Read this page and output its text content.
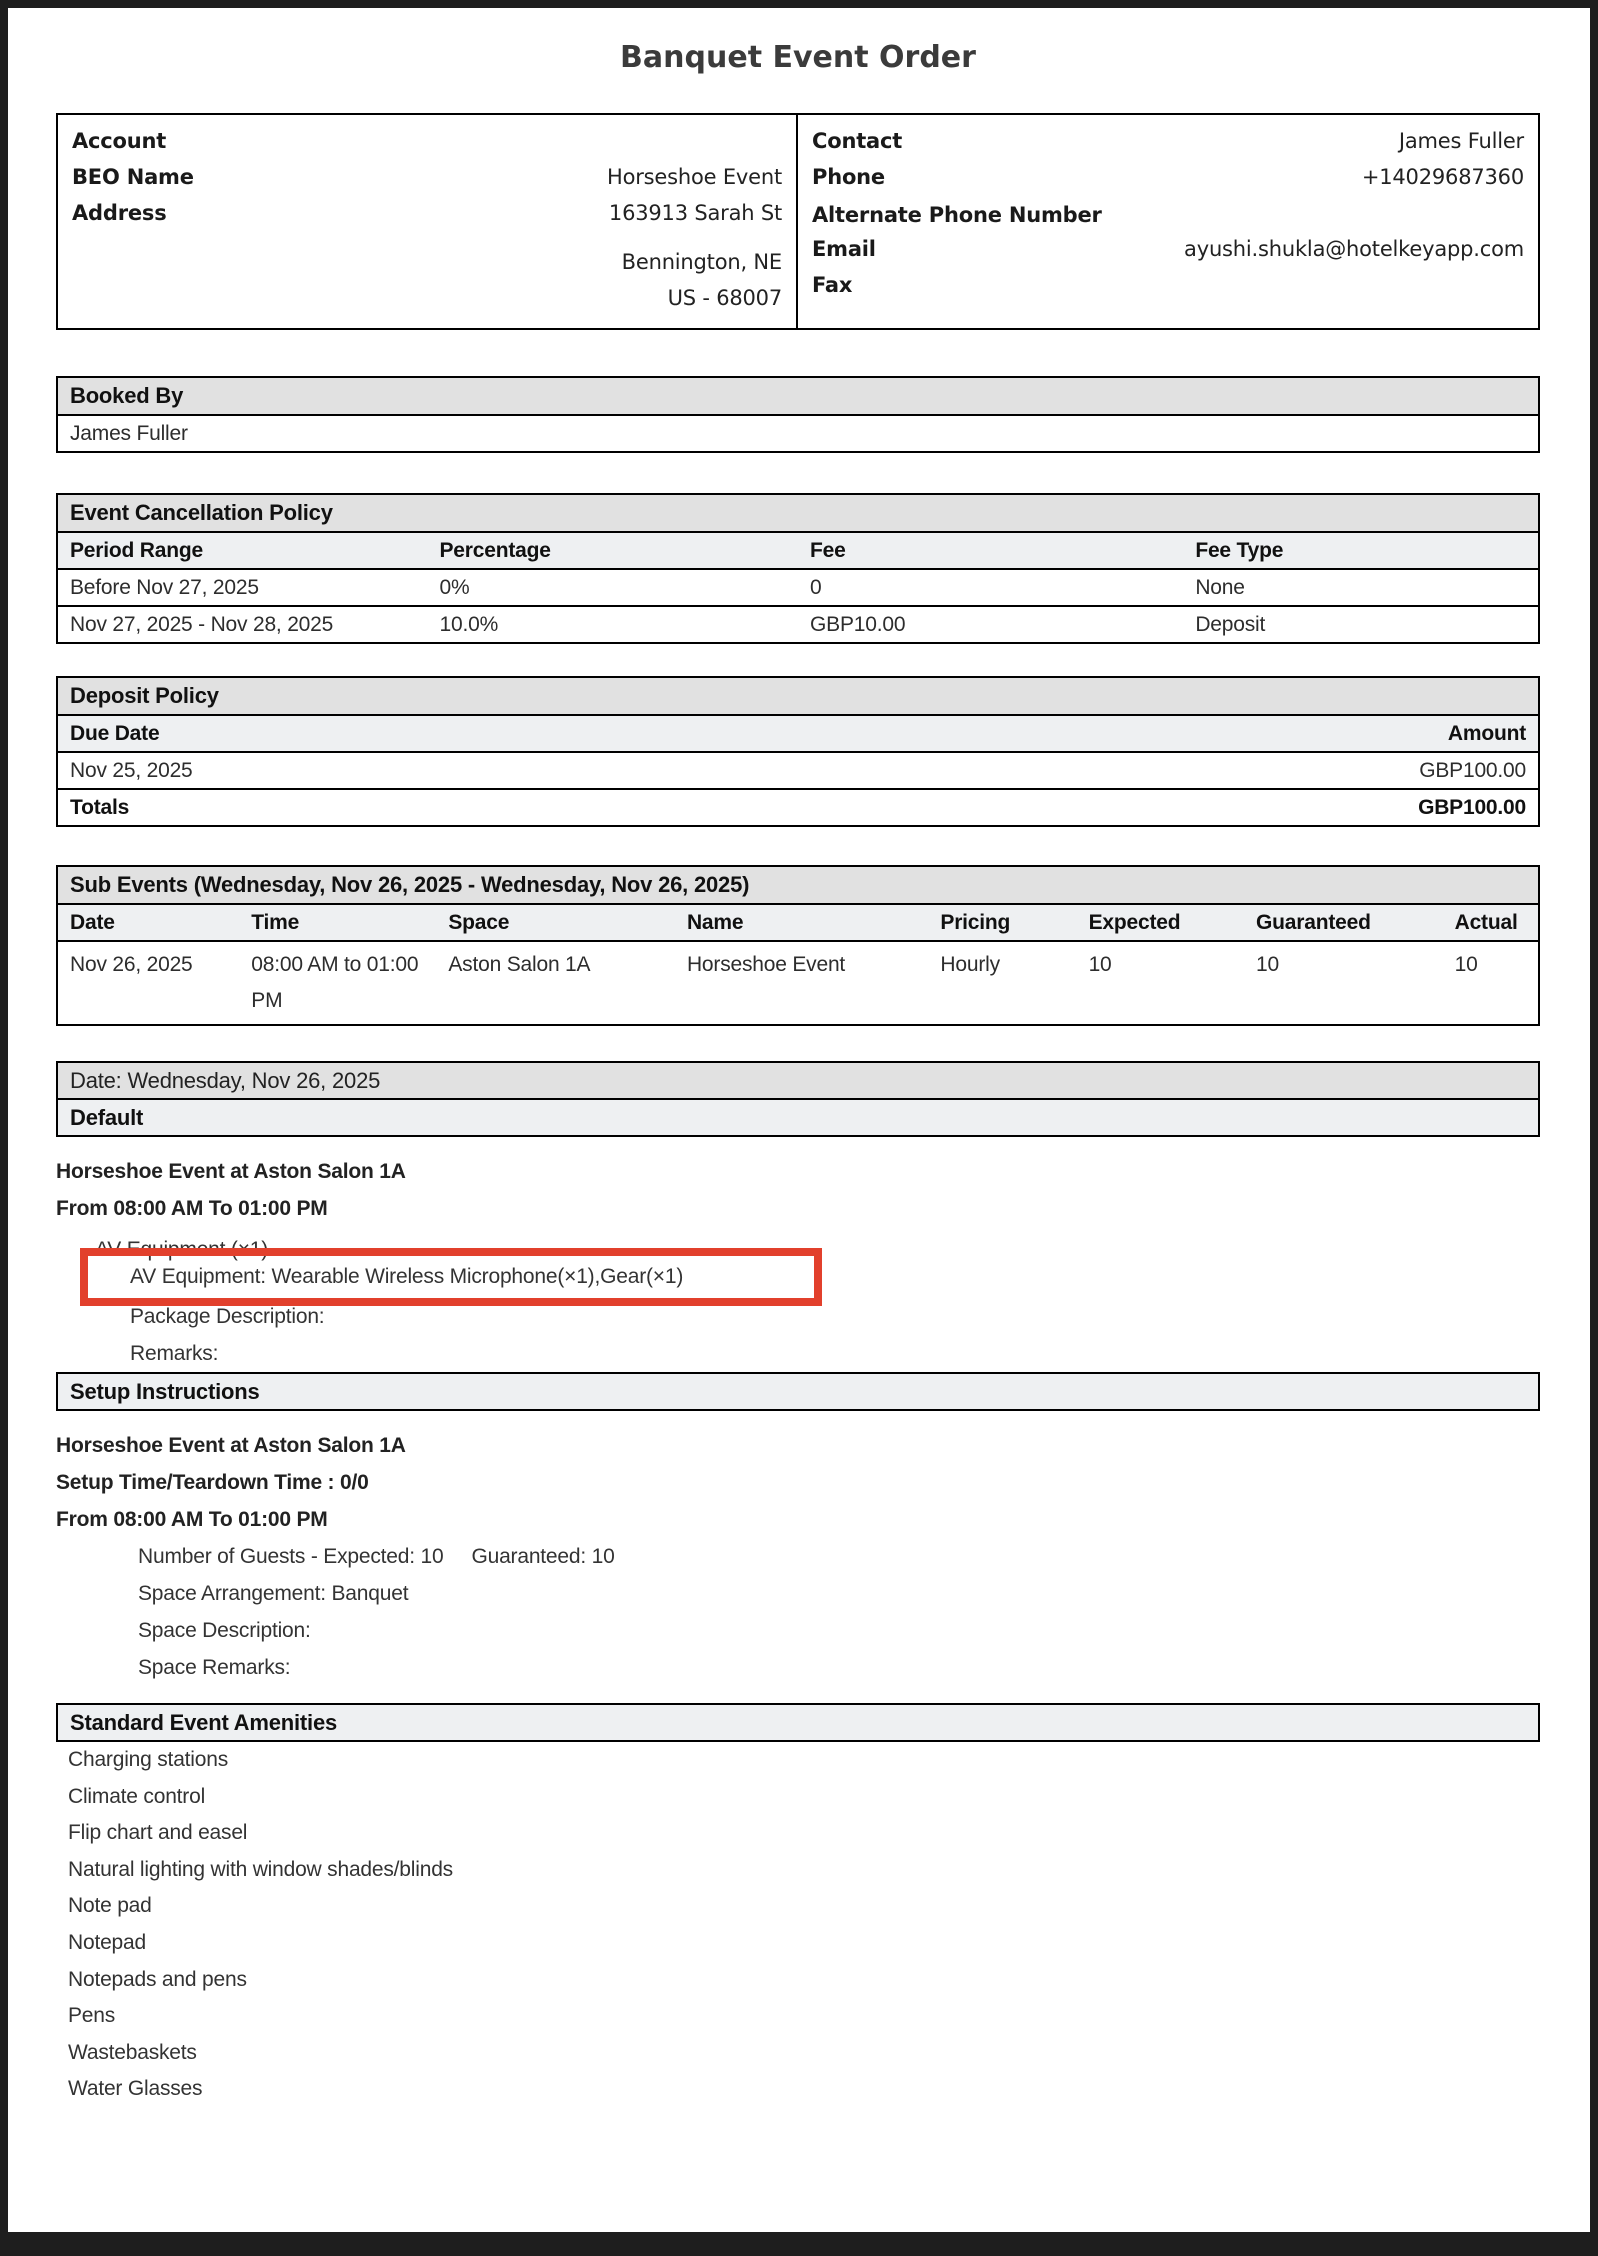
Banquet Event Order
Account
BEO Name	Horseshoe Event
Address	163913 Sarah St
Bennington, NE
US - 68007
Contact	James Fuller
Phone	+14029687360
Alternate Phone Number
Email	ayushi.shukla@hotelkeyapp.com
Fax
Booked By
James Fuller
Event Cancellation Policy			
Period Range	Percentage	Fee	Fee Type
Before Nov 27, 2025	0%	0	None
Nov 27, 2025 - Nov 28, 2025	10.0%	GBP10.00	Deposit
Deposit Policy	
Due Date	Amount
Nov 25, 2025	GBP100.00
Totals	GBP100.00
Sub Events (Wednesday, Nov 26, 2025 - Wednesday, Nov 26, 2025)							
Date	Time	Space	Name	Pricing	Expected	Guaranteed	Actual
Nov 26, 2025	08:00 AM to 01:00 PM	Aston Salon 1A	Horseshoe Event	Hourly	10	10	10
Date: Wednesday, Nov 26, 2025
Default
Horseshoe Event at Aston Salon 1A
From 08:00 AM To 01:00 PM
AV Equipment (×1)
AV Equipment: Wearable Wireless Microphone(×1),Gear(×1)
Package Description:
Remarks:
Setup Instructions
Horseshoe Event at Aston Salon 1A
Setup Time/Teardown Time : 0/0
From 08:00 AM To 01:00 PM
Number of Guests - Expected: 10 Guaranteed: 10
Space Arrangement: Banquet
Space Description:
Space Remarks:
Standard Event Amenities
Charging stations
Climate control
Flip chart and easel
Natural lighting with window shades/blinds
Note pad
Notepad
Notepads and pens
Pens
Wastebaskets
Water Glasses
